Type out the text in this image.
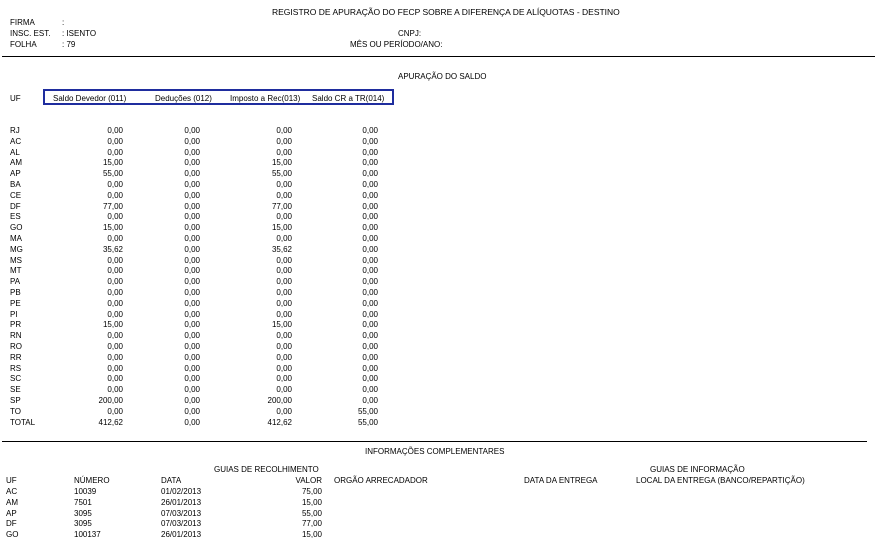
REGISTRO DE APURAÇÃO DO FECP SOBRE A DIFERENÇA DE ALÍQUOTAS - DESTINO
FIRMA	:
INSC. EST. : ISENTO
FOLHA	: 79
CNPJ:
MÊS OU PERÍODO/ANO:
APURAÇÃO DO SALDO
UF	Saldo Devedor (011)	Deduções (012) Imposto a Rec(013) Saldo CR a TR(014)
RJ	0,00	0,00	0,00	0,00
AC	0,00	0,00	0,00	0,00
AL	0,00	0,00	0,00	0,00
AM	15,00	0,00	15,00	0,00
AP	55,00	0,00	55,00	0,00
BA	0,00	0,00	0,00	0,00
CE	0,00	0,00	0,00	0,00
DF	77,00	0,00	77,00	0,00
ES	0,00	0,00	0,00	0,00
GO	15,00	0,00	15,00	0,00
MA	0,00	0,00	0,00	0,00
MG	35,62	0,00	35,62	0,00
MS	0,00	0,00	0,00	0,00
MT	0,00	0,00	0,00	0,00
PA	0,00	0,00	0,00	0,00
PB	0,00	0,00	0,00	0,00
PE	0,00	0,00	0,00	0,00
PI	0,00	0,00	0,00	0,00
PR	15,00	0,00	15,00	0,00
RN	0,00	0,00	0,00	0,00
RO	0,00	0,00	0,00	0,00
RR	0,00	0,00	0,00	0,00
RS	0,00	0,00	0,00	0,00
SC	0,00	0,00	0,00	0,00
SE	0,00	0,00	0,00	0,00
SP	200,00	0,00	200,00	0,00
TO	0,00	0,00	0,00	55,00
TOTAL	412,62	0,00	412,62	55,00
INFORMAÇÕES COMPLEMENTARES
GUIAS DE RECOLHIMENTO	GUIAS DE INFORMAÇÃO
UF	NÚMERO	DATA	VALOR ORGÃO ARRECADADOR	DATA DA ENTREGA	LOCAL DA ENTREGA (BANCO/REPARTIÇÃO)
AC	10039	01/02/2013	75,00
AM	7501	26/01/2013	15,00
AP	3095	07/03/2013	55,00
DF	3095	07/03/2013	77,00
GO	100137	26/01/2013	15,00
